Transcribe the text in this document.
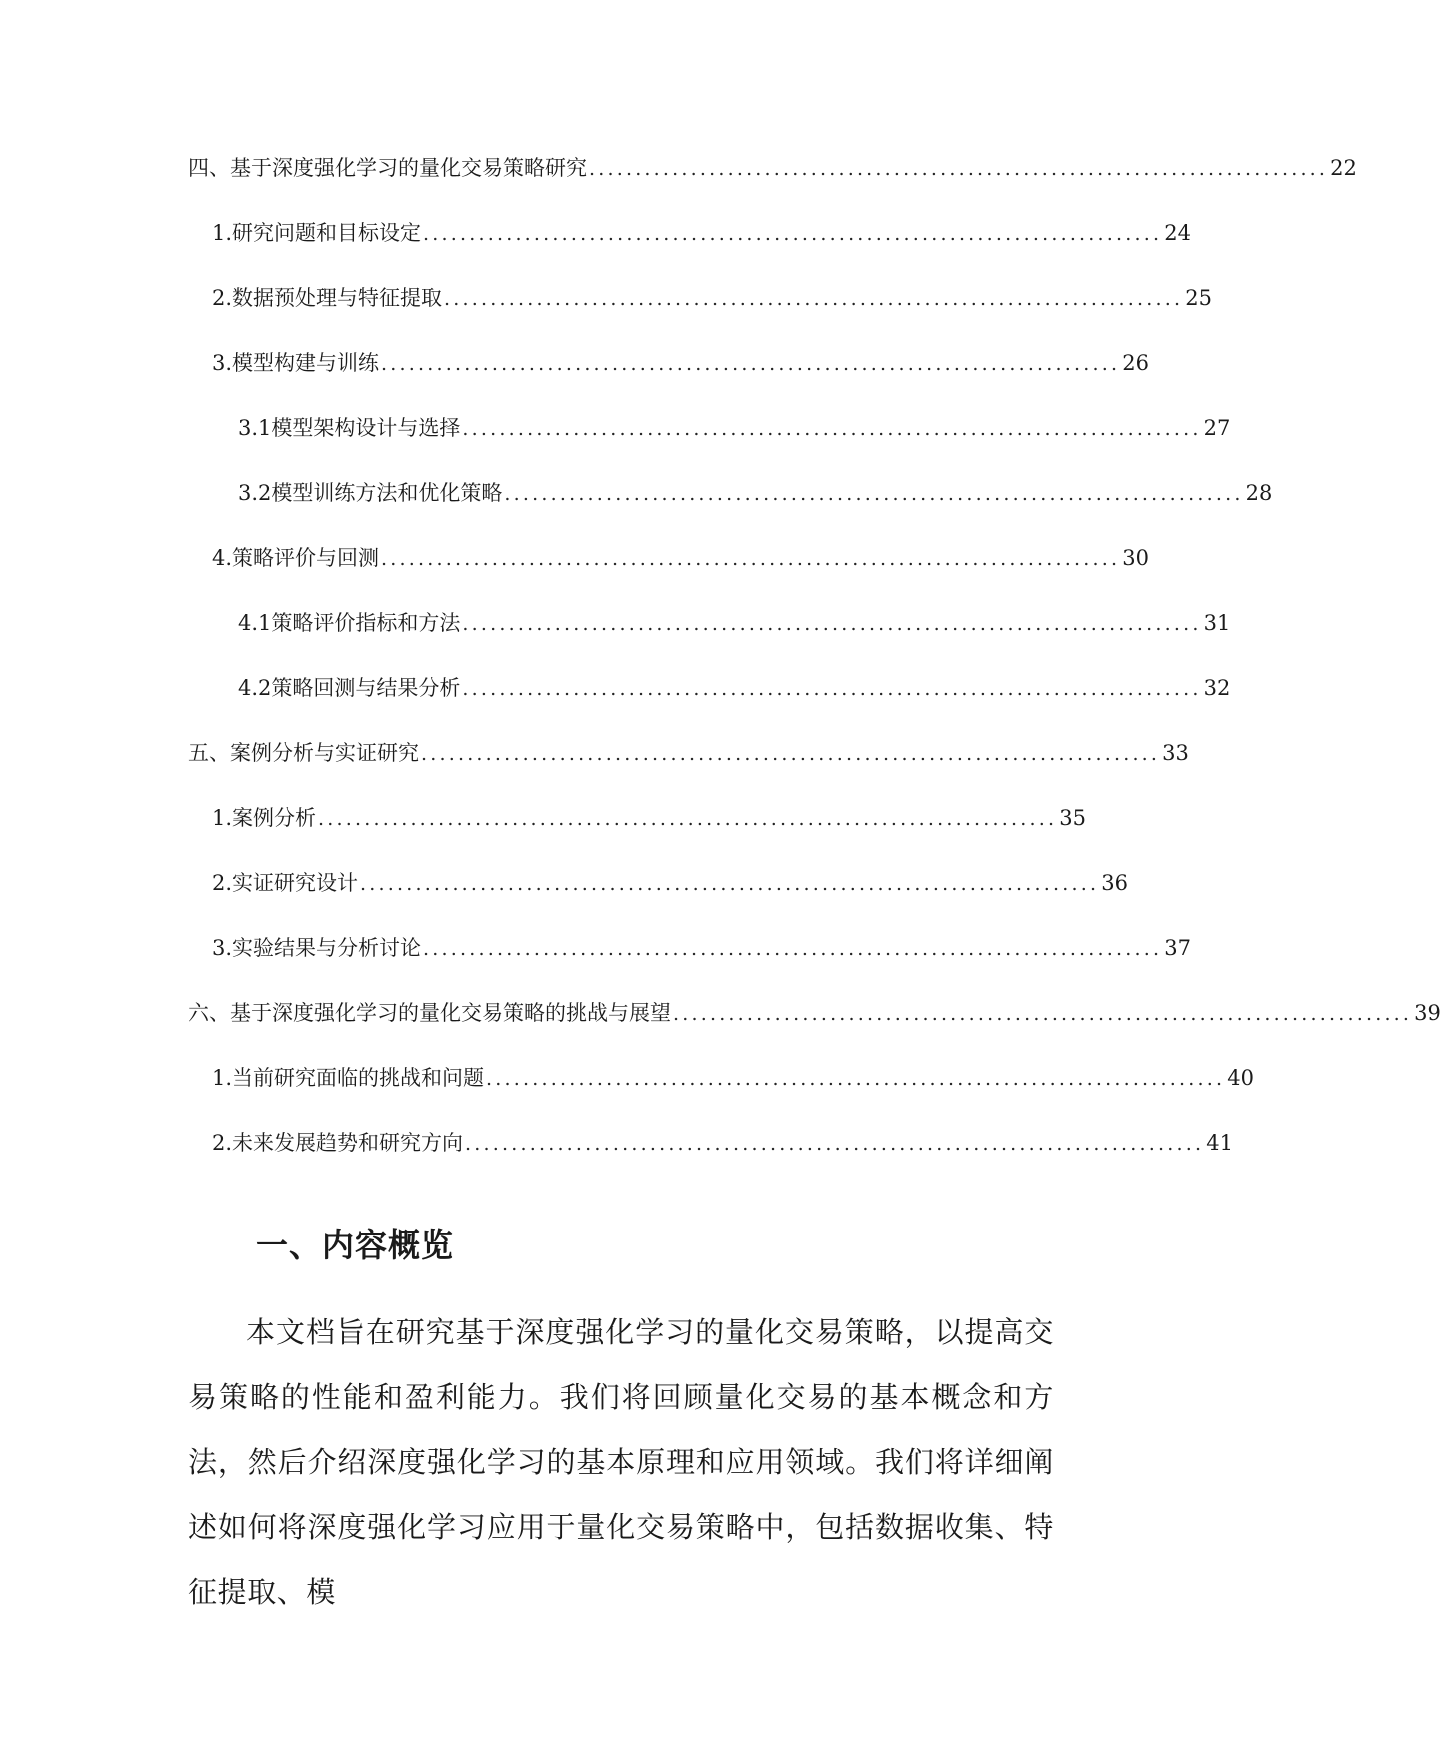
四、基于深度强化学习的量化交易策略研究 ................................................................................ 22
1. 研究问题和目标设定 ................................................................................ 24
2. 数据预处理与特征提取 ................................................................................ 25
3. 模型构建与训练 ................................................................................ 26
3.1 模型架构设计与选择 ................................................................................ 27
3.2 模型训练方法和优化策略 ................................................................................ 28
4. 策略评价与回测 ................................................................................ 30
4.1 策略评价指标和方法 ................................................................................ 31
4.2 策略回测与结果分析 ................................................................................ 32
五、案例分析与实证研究 ................................................................................ 33
1. 案例分析 ................................................................................ 35
2. 实证研究设计 ................................................................................ 36
3. 实验结果与分析讨论 ................................................................................ 37
六、基于深度强化学习的量化交易策略的挑战与展望 ................................................................................ 39
1. 当前研究面临的挑战和问题 ................................................................................ 40
2. 未来发展趋势和研究方向 ................................................................................ 41
一、内容概览

本文档旨在研究基于深度强化学习的量化交易策略，以提高交易策略的性能和盈利能力。我们将回顾量化交易的基本概念和方法，然后介绍深度强化学习的基本原理和应用领域。我们将详细阐述如何将深度强化学习应用于量化交易策略中，包括数据收集、特征提取、模
